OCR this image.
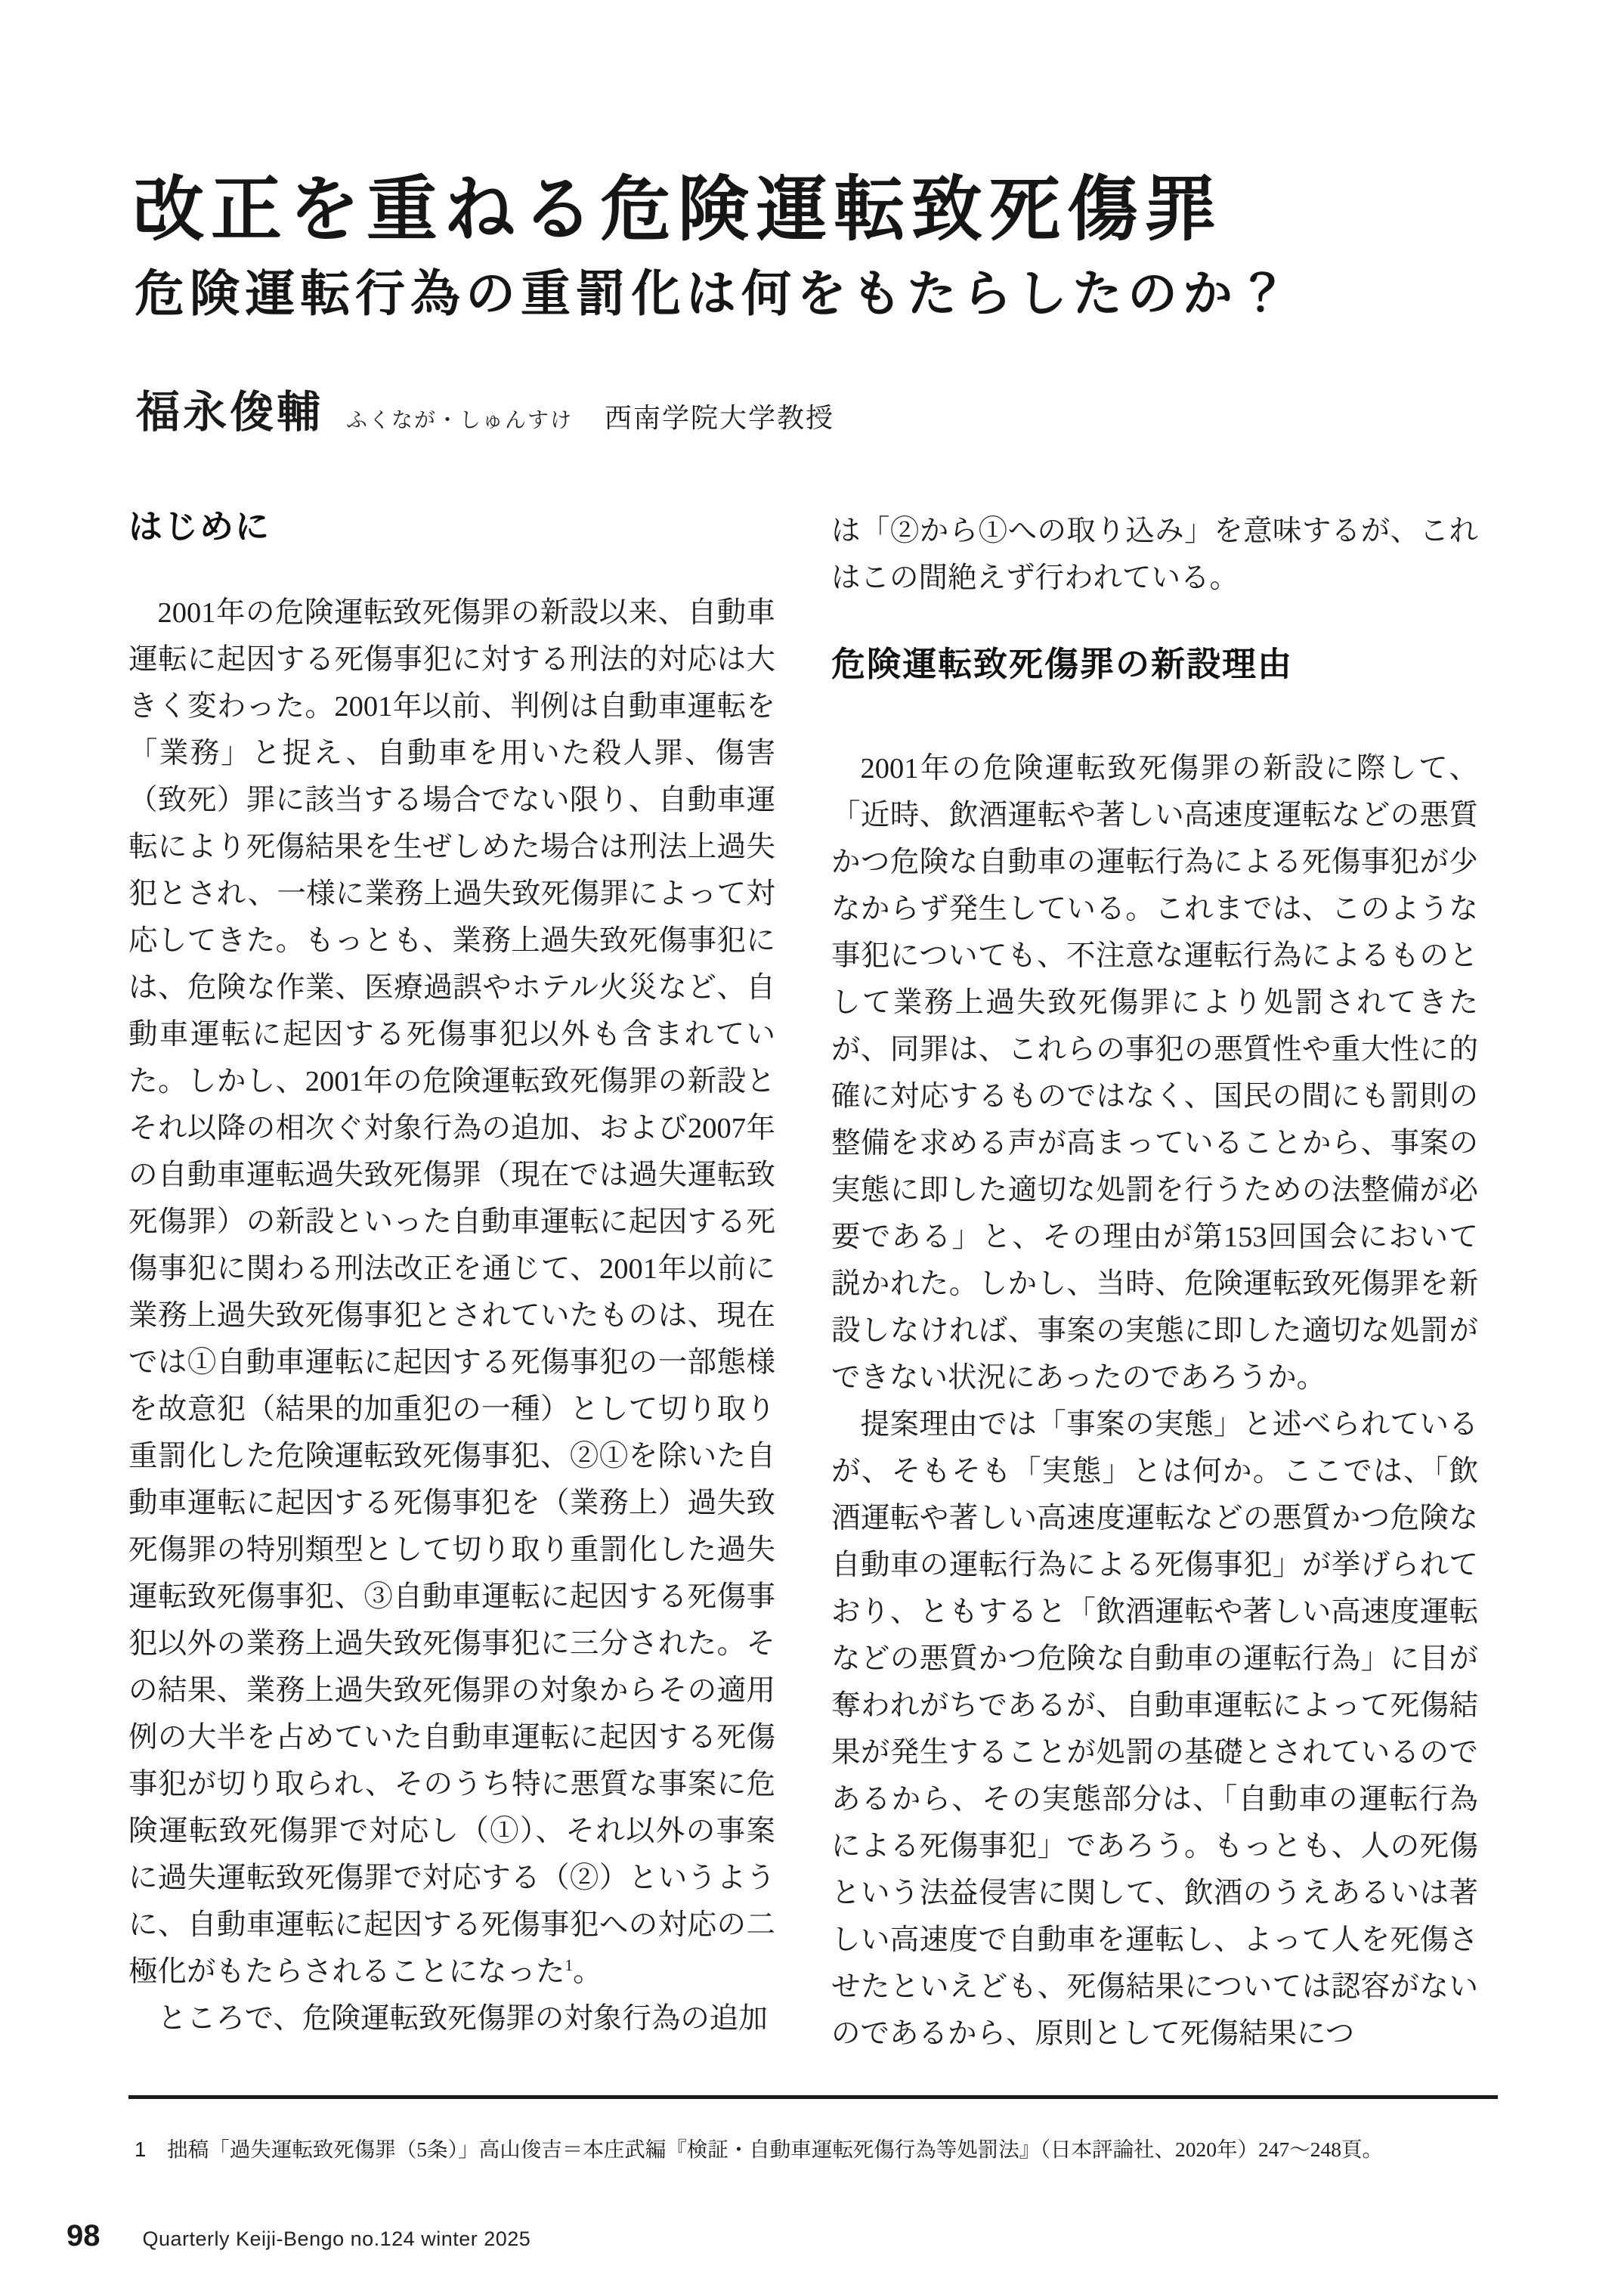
改正を重ねる危険運転致死傷罪
危険運転行為の重罰化は何をもたらしたのか？
福永俊輔 ふくなが・しゅんすけ 西南学院大学教授
はじめに

2001年の危険運転致死傷罪の新設以来、自動車運転に起因する死傷事犯に対する刑法的対応は大きく変わった。2001年以前、判例は自動車運転を「業務」と捉え、自動車を用いた殺人罪、傷害（致死）罪に該当する場合でない限り、自動車運転により死傷結果を生ぜしめた場合は刑法上過失犯とされ、一様に業務上過失致死傷罪によって対応してきた。もっとも、業務上過失致死傷事犯には、危険な作業、医療過誤やホテル火災など、自動車運転に起因する死傷事犯以外も含まれていた。しかし、2001年の危険運転致死傷罪の新設とそれ以降の相次ぐ対象行為の追加、および2007年の自動車運転過失致死傷罪（現在では過失運転致死傷罪）の新設といった自動車運転に起因する死傷事犯に関わる刑法改正を通じて、2001年以前に業務上過失致死傷事犯とされていたものは、現在では①自動車運転に起因する死傷事犯の一部態様を故意犯（結果的加重犯の一種）として切り取り重罰化した危険運転致死傷事犯、②①を除いた自動車運転に起因する死傷事犯を（業務上）過失致死傷罪の特別類型として切り取り重罰化した過失運転致死傷事犯、③自動車運転に起因する死傷事犯以外の業務上過失致死傷事犯に三分された。その結果、業務上過失致死傷罪の対象からその適用例の大半を占めていた自動車運転に起因する死傷事犯が切り取られ、そのうち特に悪質な事案に危険運転致死傷罪で対応し（①）、それ以外の事案に過失運転致死傷罪で対応する（②）というように、自動車運転に起因する死傷事犯への対応の二極化がもたらされることになった$^1$。

ところで、危険運転致死傷罪の対象行為の追加

は「②から①への取り込み」を意味するが、これはこの間絶えず行われている。

危険運転致死傷罪の新設理由

2001年の危険運転致死傷罪の新設に際して、「近時、飲酒運転や著しい高速度運転などの悪質かつ危険な自動車の運転行為による死傷事犯が少なからず発生している。これまでは、このような事犯についても、不注意な運転行為によるものとして業務上過失致死傷罪により処罰されてきたが、同罪は、これらの事犯の悪質性や重大性に的確に対応するものではなく、国民の間にも罰則の整備を求める声が高まっていることから、事案の実態に即した適切な処罰を行うための法整備が必要である」と、その理由が第153回国会において説かれた。しかし、当時、危険運転致死傷罪を新設しなければ、事案の実態に即した適切な処罰ができない状況にあったのであろうか。

提案理由では「事案の実態」と述べられているが、そもそも「実態」とは何か。ここでは、「飲酒運転や著しい高速度運転などの悪質かつ危険な自動車の運転行為による死傷事犯」が挙げられており、ともすると「飲酒運転や著しい高速度運転などの悪質かつ危険な自動車の運転行為」に目が奪われがちであるが、自動車運転によって死傷結果が発生することが処罰の基礎とされているのであるから、その実態部分は、「自動車の運転行為による死傷事犯」であろう。もっとも、人の死傷という法益侵害に関して、飲酒のうえあるいは著しい高速度で自動車を運転し、よって人を死傷させたといえども、死傷結果については認容がないのであるから、原則として死傷結果につ

1 拙稿「過失運転致死傷罪（5条）」高山俊吉＝本庄武編『検証・自動車運転死傷行為等処罰法』（日本評論社、2020年）247～248頁。
98 Quarterly Keiji-Bengo no.124 winter 2025
